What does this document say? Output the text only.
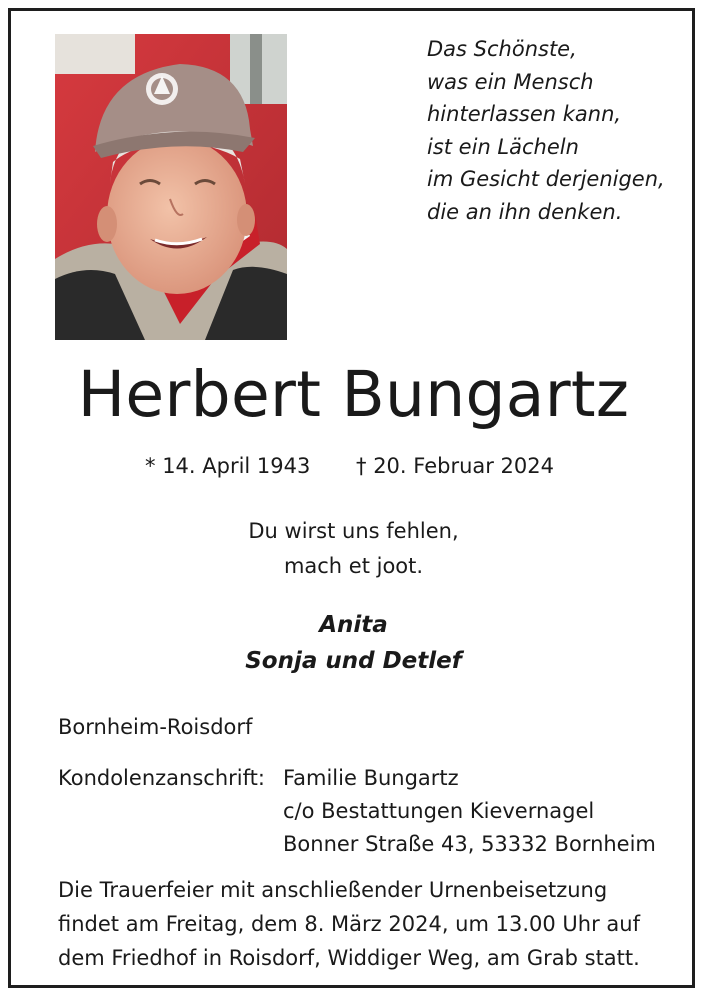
Das Schönste,
was ein Mensch
hinterlassen kann,
ist ein Lächeln
im Gesicht derjenigen,
die an ihn denken.
Herbert Bungartz
* 14. April 1943 † 20. Februar 2024
Du wirst uns fehlen,
mach et joot.
Anita
Sonja und Detlef
Bornheim-Roisdorf
Kondolenzanschrift: Familie Bungartz
c/o Bestattungen Kievernagel
Bonner Straße 43, 53332 Bornheim
Die Trauerfeier mit anschließender Urnenbeisetzung
findet am Freitag, dem 8. März 2024, um 13.00 Uhr auf
dem Friedhof in Roisdorf, Widdiger Weg, am Grab statt.
